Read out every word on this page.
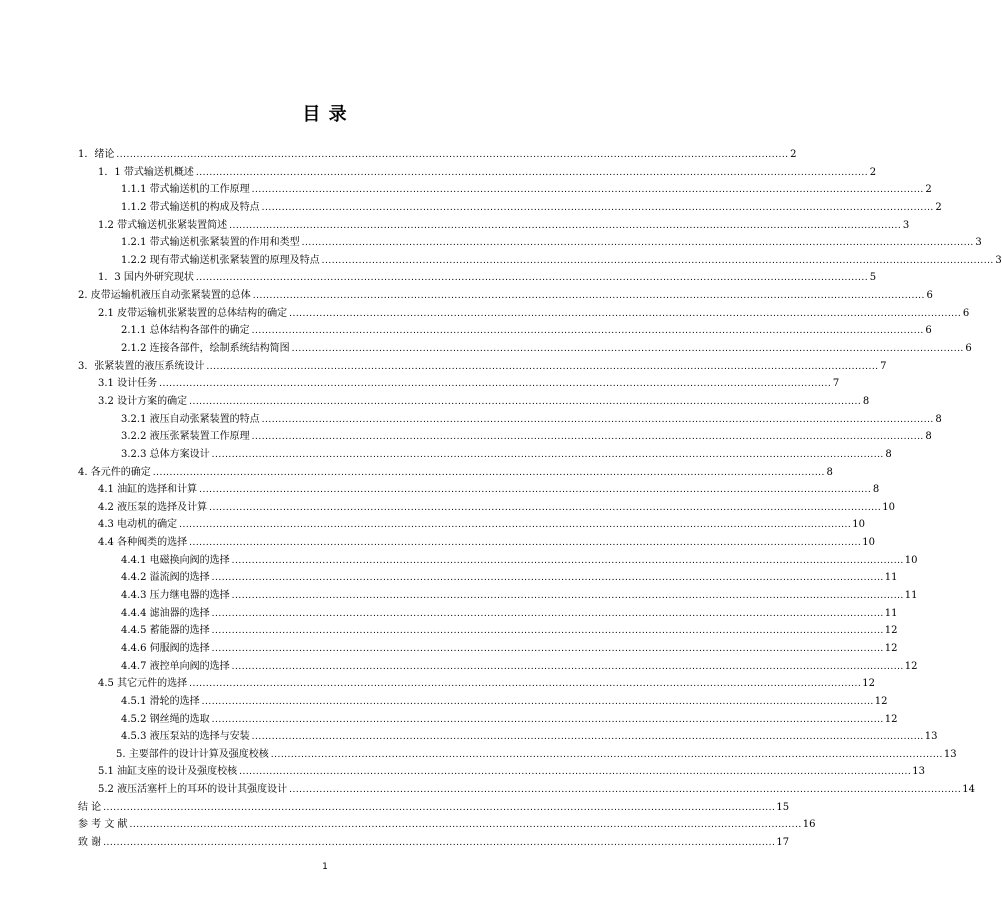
目 录
1．绪论 ........................................................................................................................................................................................................ 2
1．1 带式输送机概述 ........................................................................................................................................................................................................ 2
1.1.1 带式输送机的工作原理 ........................................................................................................................................................................................................ 2
1.1.2 带式输送机的构成及特点 ........................................................................................................................................................................................................ 2
1.2 带式输送机张紧装置简述 ........................................................................................................................................................................................................ 3
1.2.1 带式输送机张紧装置的作用和类型 ........................................................................................................................................................................................................ 3
1.2.2 现有带式输送机张紧装置的原理及特点 ........................................................................................................................................................................................................ 3
1．3 国内外研究现状 ........................................................................................................................................................................................................ 5
2. 皮带运输机液压自动张紧装置的总体 ........................................................................................................................................................................................................ 6
2.1 皮带运输机张紧装置的总体结构的确定 ........................................................................................................................................................................................................ 6
2.1.1 总体结构各部件的确定 ........................................................................................................................................................................................................ 6
2.1.2 连接各部件，绘制系统结构简图 ........................................................................................................................................................................................................ 6
3．张紧装置的液压系统设计 ........................................................................................................................................................................................................ 7
3.1 设计任务 ........................................................................................................................................................................................................ 7
3.2 设计方案的确定 ........................................................................................................................................................................................................ 8
3.2.1 液压自动张紧装置的特点 ........................................................................................................................................................................................................ 8
3.2.2 液压张紧装置工作原理 ........................................................................................................................................................................................................ 8
3.2.3 总体方案设计 ........................................................................................................................................................................................................ 8
4. 各元件的确定 ........................................................................................................................................................................................................ 8
4.1 油缸的选择和计算 ........................................................................................................................................................................................................ 8
4.2 液压泵的选择及计算 ........................................................................................................................................................................................................ 10
4.3 电动机的确定 ........................................................................................................................................................................................................ 10
4.4 各种阀类的选择 ........................................................................................................................................................................................................ 10
4.4.1 电磁换向阀的选择 ........................................................................................................................................................................................................ 10
4.4.2 溢流阀的选择 ........................................................................................................................................................................................................ 11
4.4.3 压力继电器的选择 ........................................................................................................................................................................................................ 11
4.4.4 滤油器的选择 ........................................................................................................................................................................................................ 11
4.4.5 蓄能器的选择 ........................................................................................................................................................................................................ 12
4.4.6 伺服阀的选择 ........................................................................................................................................................................................................ 12
4.4.7 液控单向阀的选择 ........................................................................................................................................................................................................ 12
4.5 其它元件的选择 ........................................................................................................................................................................................................ 12
4.5.1 滑轮的选择 ........................................................................................................................................................................................................ 12
4.5.2 钢丝绳的选取 ........................................................................................................................................................................................................ 12
4.5.3 液压泵站的选择与安装 ........................................................................................................................................................................................................ 13
5. 主要部件的设计计算及强度校核 ........................................................................................................................................................................................................ 13
5.1 油缸支座的设计及强度校核 ........................................................................................................................................................................................................ 13
5.2 液压活塞杆上的耳环的设计其强度设计 ........................................................................................................................................................................................................ 14
结 论 ........................................................................................................................................................................................................ 15
参 考 文 献 ........................................................................................................................................................................................................ 16
致 谢 ........................................................................................................................................................................................................ 17
1
